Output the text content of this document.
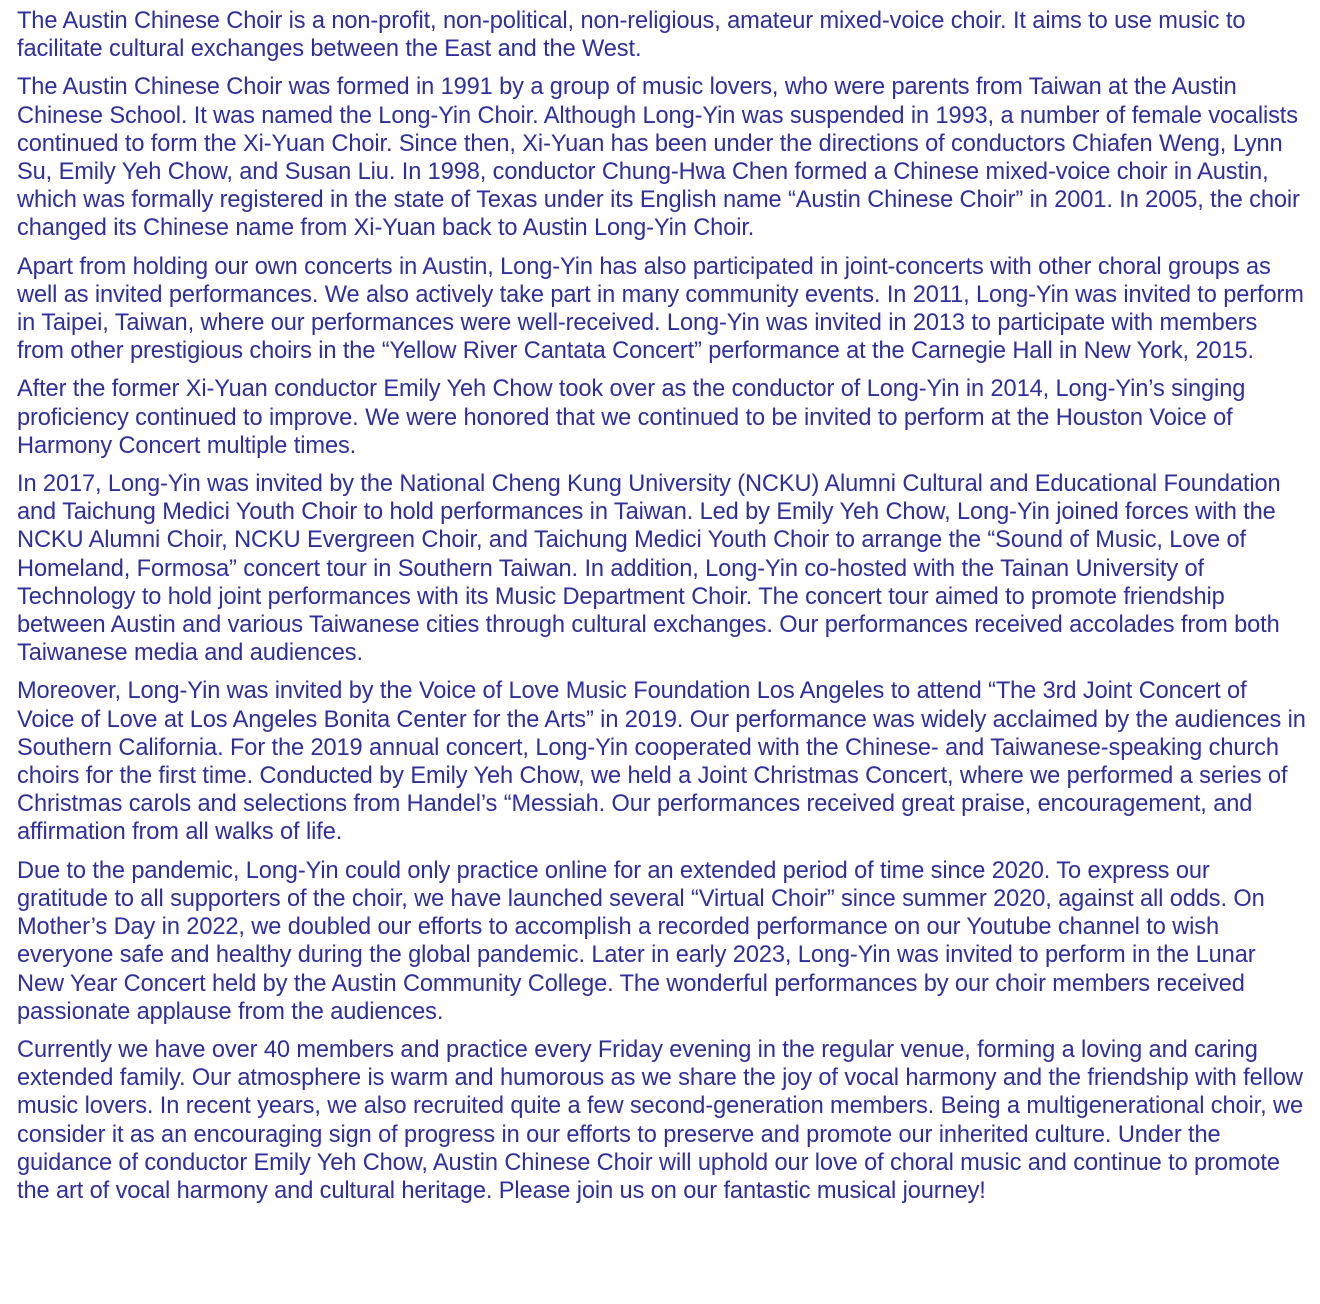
The Austin Chinese Choir is a non-profit, non-political, non-religious, amateur mixed-voice choir. It aims to use music to facilitate cultural exchanges between the East and the West.

The Austin Chinese Choir was formed in 1991 by a group of music lovers, who were parents from Taiwan at the Austin Chinese School. It was named the Long-Yin Choir. Although Long-Yin was suspended in 1993, a number of female vocalists continued to form the Xi-Yuan Choir. Since then, Xi-Yuan has been under the directions of conductors Chiafen Weng, Lynn Su, Emily Yeh Chow, and Susan Liu. In 1998, conductor Chung-Hwa Chen formed a Chinese mixed-voice choir in Austin, which was formally registered in the state of Texas under its English name “Austin Chinese Choir” in 2001. In 2005, the choir changed its Chinese name from Xi-Yuan back to Austin Long-Yin Choir.

Apart from holding our own concerts in Austin, Long-Yin has also participated in joint-concerts with other choral groups as well as invited performances. We also actively take part in many community events. In 2011, Long-Yin was invited to perform in Taipei, Taiwan, where our performances were well-received. Long-Yin was invited in 2013 to participate with members from other prestigious choirs in the “Yellow River Cantata Concert” performance at the Carnegie Hall in New York, 2015.

After the former Xi-Yuan conductor Emily Yeh Chow took over as the conductor of Long-Yin in 2014, Long-Yin’s singing proficiency continued to improve. We were honored that we continued to be invited to perform at the Houston Voice of Harmony Concert multiple times.

In 2017, Long-Yin was invited by the National Cheng Kung University (NCKU) Alumni Cultural and Educational Foundation and Taichung Medici Youth Choir to hold performances in Taiwan. Led by Emily Yeh Chow, Long-Yin joined forces with the NCKU Alumni Choir, NCKU Evergreen Choir, and Taichung Medici Youth Choir to arrange the “Sound of Music, Love of Homeland, Formosa” concert tour in Southern Taiwan. In addition, Long-Yin co-hosted with the Tainan University of Technology to hold joint performances with its Music Department Choir. The concert tour aimed to promote friendship between Austin and various Taiwanese cities through cultural exchanges. Our performances received accolades from both Taiwanese media and audiences.

Moreover, Long-Yin was invited by the Voice of Love Music Foundation Los Angeles to attend “The 3rd Joint Concert of Voice of Love at Los Angeles Bonita Center for the Arts” in 2019. Our performance was widely acclaimed by the audiences in Southern California. For the 2019 annual concert, Long-Yin cooperated with the Chinese- and Taiwanese-speaking church choirs for the first time. Conducted by Emily Yeh Chow, we held a Joint Christmas Concert, where we performed a series of Christmas carols and selections from Handel’s “Messiah. Our performances received great praise, encouragement, and affirmation from all walks of life.

Due to the pandemic, Long-Yin could only practice online for an extended period of time since 2020. To express our gratitude to all supporters of the choir, we have launched several “Virtual Choir” since summer 2020, against all odds. On Mother’s Day in 2022, we doubled our efforts to accomplish a recorded performance on our Youtube channel to wish everyone safe and healthy during the global pandemic. Later in early 2023, Long-Yin was invited to perform in the Lunar New Year Concert held by the Austin Community College. The wonderful performances by our choir members received passionate applause from the audiences.

Currently we have over 40 members and practice every Friday evening in the regular venue, forming a loving and caring extended family. Our atmosphere is warm and humorous as we share the joy of vocal harmony and the friendship with fellow music lovers. In recent years, we also recruited quite a few second-generation members. Being a multigenerational choir, we consider it as an encouraging sign of progress in our efforts to preserve and promote our inherited culture. Under the guidance of conductor Emily Yeh Chow, Austin Chinese Choir will uphold our love of choral music and continue to promote the art of vocal harmony and cultural heritage. Please join us on our fantastic musical journey!
